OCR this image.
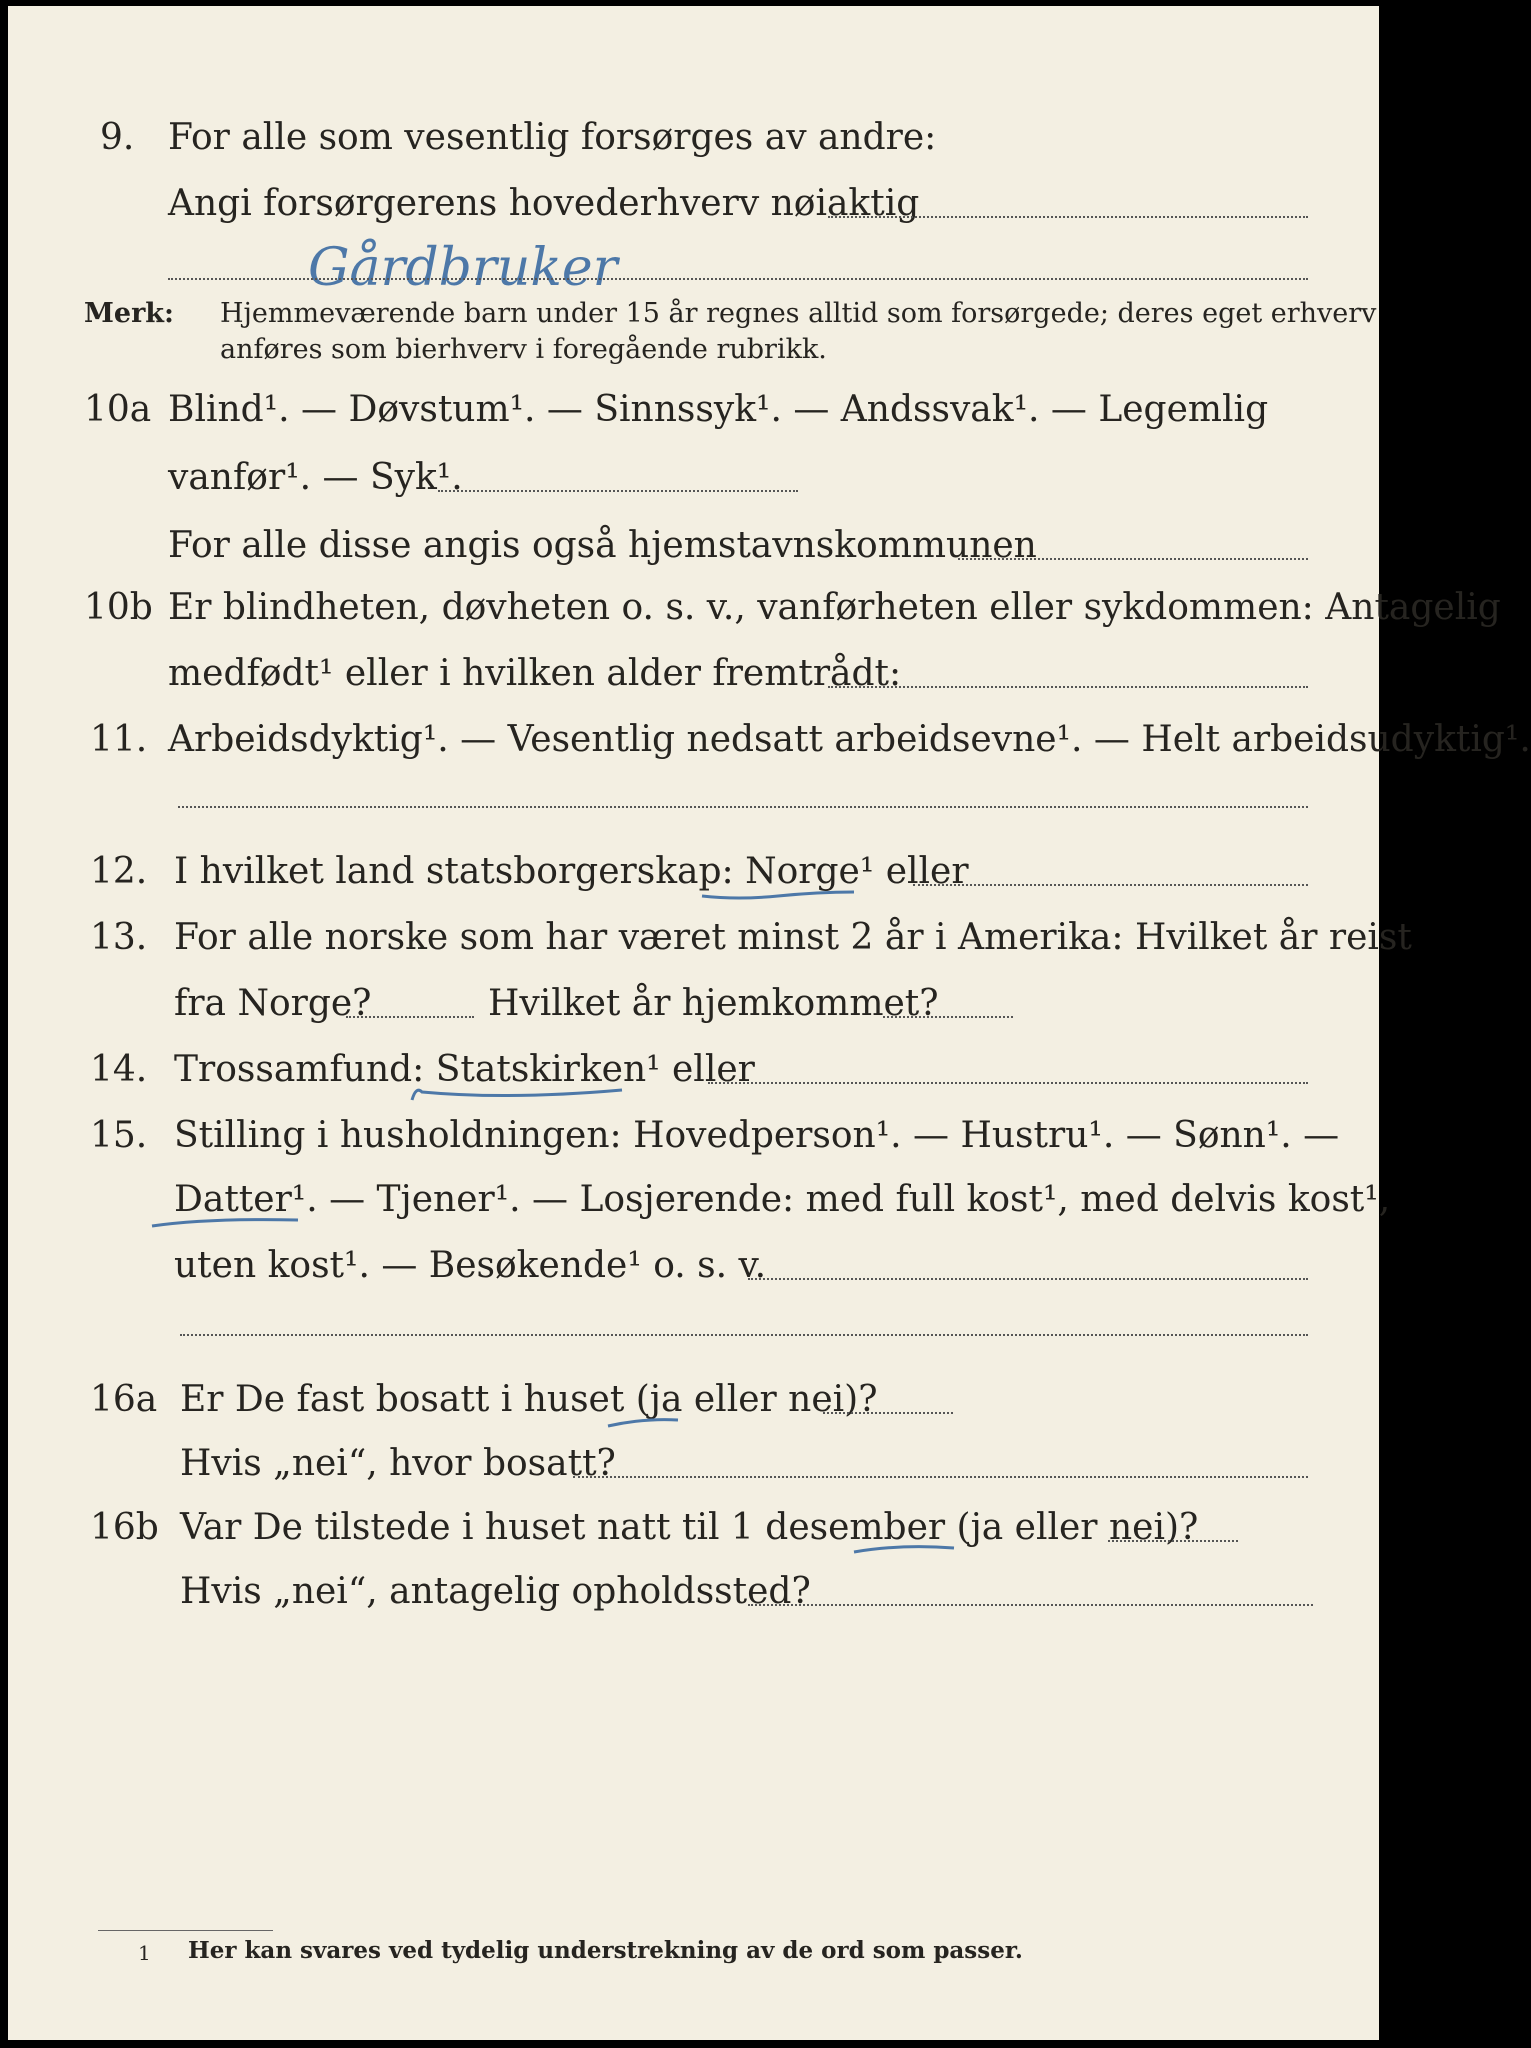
9. For alle som vesentlig forsørges av andre:
Angi forsørgerens hovederhverv nøiaktig
Gårdbruker
Merk: Hjemmeværende barn under 15 år regnes alltid som forsørgede; deres eget erhverv
anføres som bierhverv i foregående rubrikk.
10a Blind¹. — Døvstum¹. — Sinnssyk¹. — Andssvak¹. — Legemlig
vanfør¹. — Syk¹.
For alle disse angis også hjemstavnskommunen
10b Er blindheten, døvheten o. s. v., vanførheten eller sykdommen: Antagelig
medfødt¹ eller i hvilken alder fremtrådt:
11. Arbeidsdyktig¹. — Vesentlig nedsatt arbeidsevne¹. — Helt arbeidsudyktig¹.
12. I hvilket land statsborgerskap: Norge¹ eller
13. For alle norske som har været minst 2 år i Amerika: Hvilket år reist
fra Norge?	Hvilket år hjemkommet?
14. Trossamfund: Statskirken¹ eller
15. Stilling i husholdningen: Hovedperson¹. — Hustru¹. — Sønn¹. —
Datter¹. — Tjener¹. — Losjerende: med full kost¹, med delvis kost¹,
uten kost¹. — Besøkende¹ o. s. v.
16a Er De fast bosatt i huset (ja eller nei)?
Hvis „nei“, hvor bosatt?
16b Var De tilstede i huset natt til 1 desember (ja eller nei)?
Hvis „nei“, antagelig opholdssted?
1 Her kan svares ved tydelig understrekning av de ord som passer.
